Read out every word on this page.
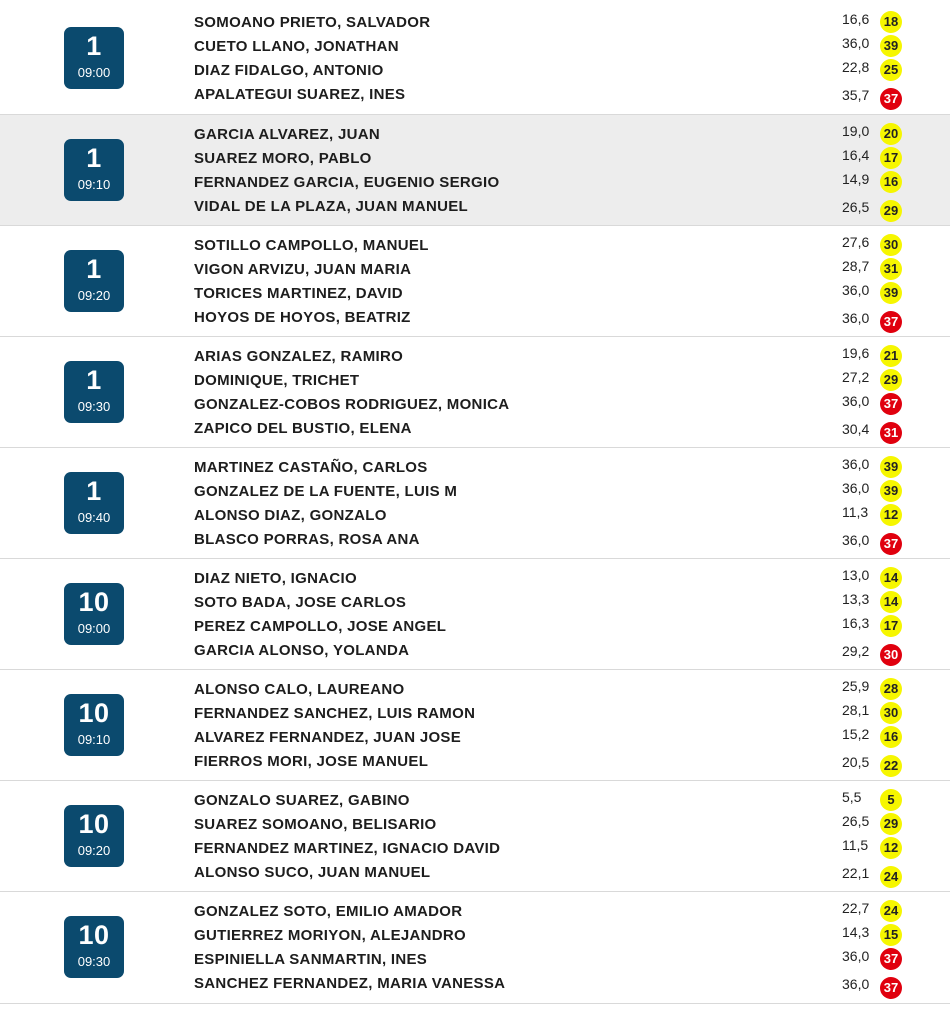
1
09:00
SOMOANO PRIETO, SALVADOR
CUETO LLANO, JONATHAN
DIAZ FIDALGO, ANTONIO
APALATEGUI SUAREZ, INES
16,6 18
36,0 39
22,8 25
35,7 37
1
09:10
GARCIA ALVAREZ, JUAN
SUAREZ MORO, PABLO
FERNANDEZ GARCIA, EUGENIO SERGIO
VIDAL DE LA PLAZA, JUAN MANUEL
19,0 20
16,4 17
14,9 16
26,5 29
1
09:20
SOTILLO CAMPOLLO, MANUEL
VIGON ARVIZU, JUAN MARIA
TORICES MARTINEZ, DAVID
HOYOS DE HOYOS, BEATRIZ
27,6 30
28,7 31
36,0 39
36,0 37
1
09:30
ARIAS GONZALEZ, RAMIRO
DOMINIQUE, TRICHET
GONZALEZ-COBOS RODRIGUEZ, MONICA
ZAPICO DEL BUSTIO, ELENA
19,6 21
27,2 29
36,0 37
30,4 31
1
09:40
MARTINEZ CASTAÑO, CARLOS
GONZALEZ DE LA FUENTE, LUIS M
ALONSO DIAZ, GONZALO
BLASCO PORRAS, ROSA ANA
36,0 39
36,0 39
11,3 12
36,0 37
10
09:00
DIAZ NIETO, IGNACIO
SOTO BADA, JOSE CARLOS
PEREZ CAMPOLLO, JOSE ANGEL
GARCIA ALONSO, YOLANDA
13,0 14
13,3 14
16,3 17
29,2 30
10
09:10
ALONSO CALO, LAUREANO
FERNANDEZ SANCHEZ, LUIS RAMON
ALVAREZ FERNANDEZ, JUAN JOSE
FIERROS MORI, JOSE MANUEL
25,9 28
28,1 30
15,2 16
20,5 22
10
09:20
GONZALO SUAREZ, GABINO
SUAREZ SOMOANO, BELISARIO
FERNANDEZ MARTINEZ, IGNACIO DAVID
ALONSO SUCO, JUAN MANUEL
5,5	5
26,5 29
11,5 12
22,1 24
10
09:30
GONZALEZ SOTO, EMILIO AMADOR
GUTIERREZ MORIYON, ALEJANDRO
ESPINIELLA SANMARTIN, INES
SANCHEZ FERNANDEZ, MARIA VANESSA
22,7 24
14,3 15
36,0 37
36,0 37
